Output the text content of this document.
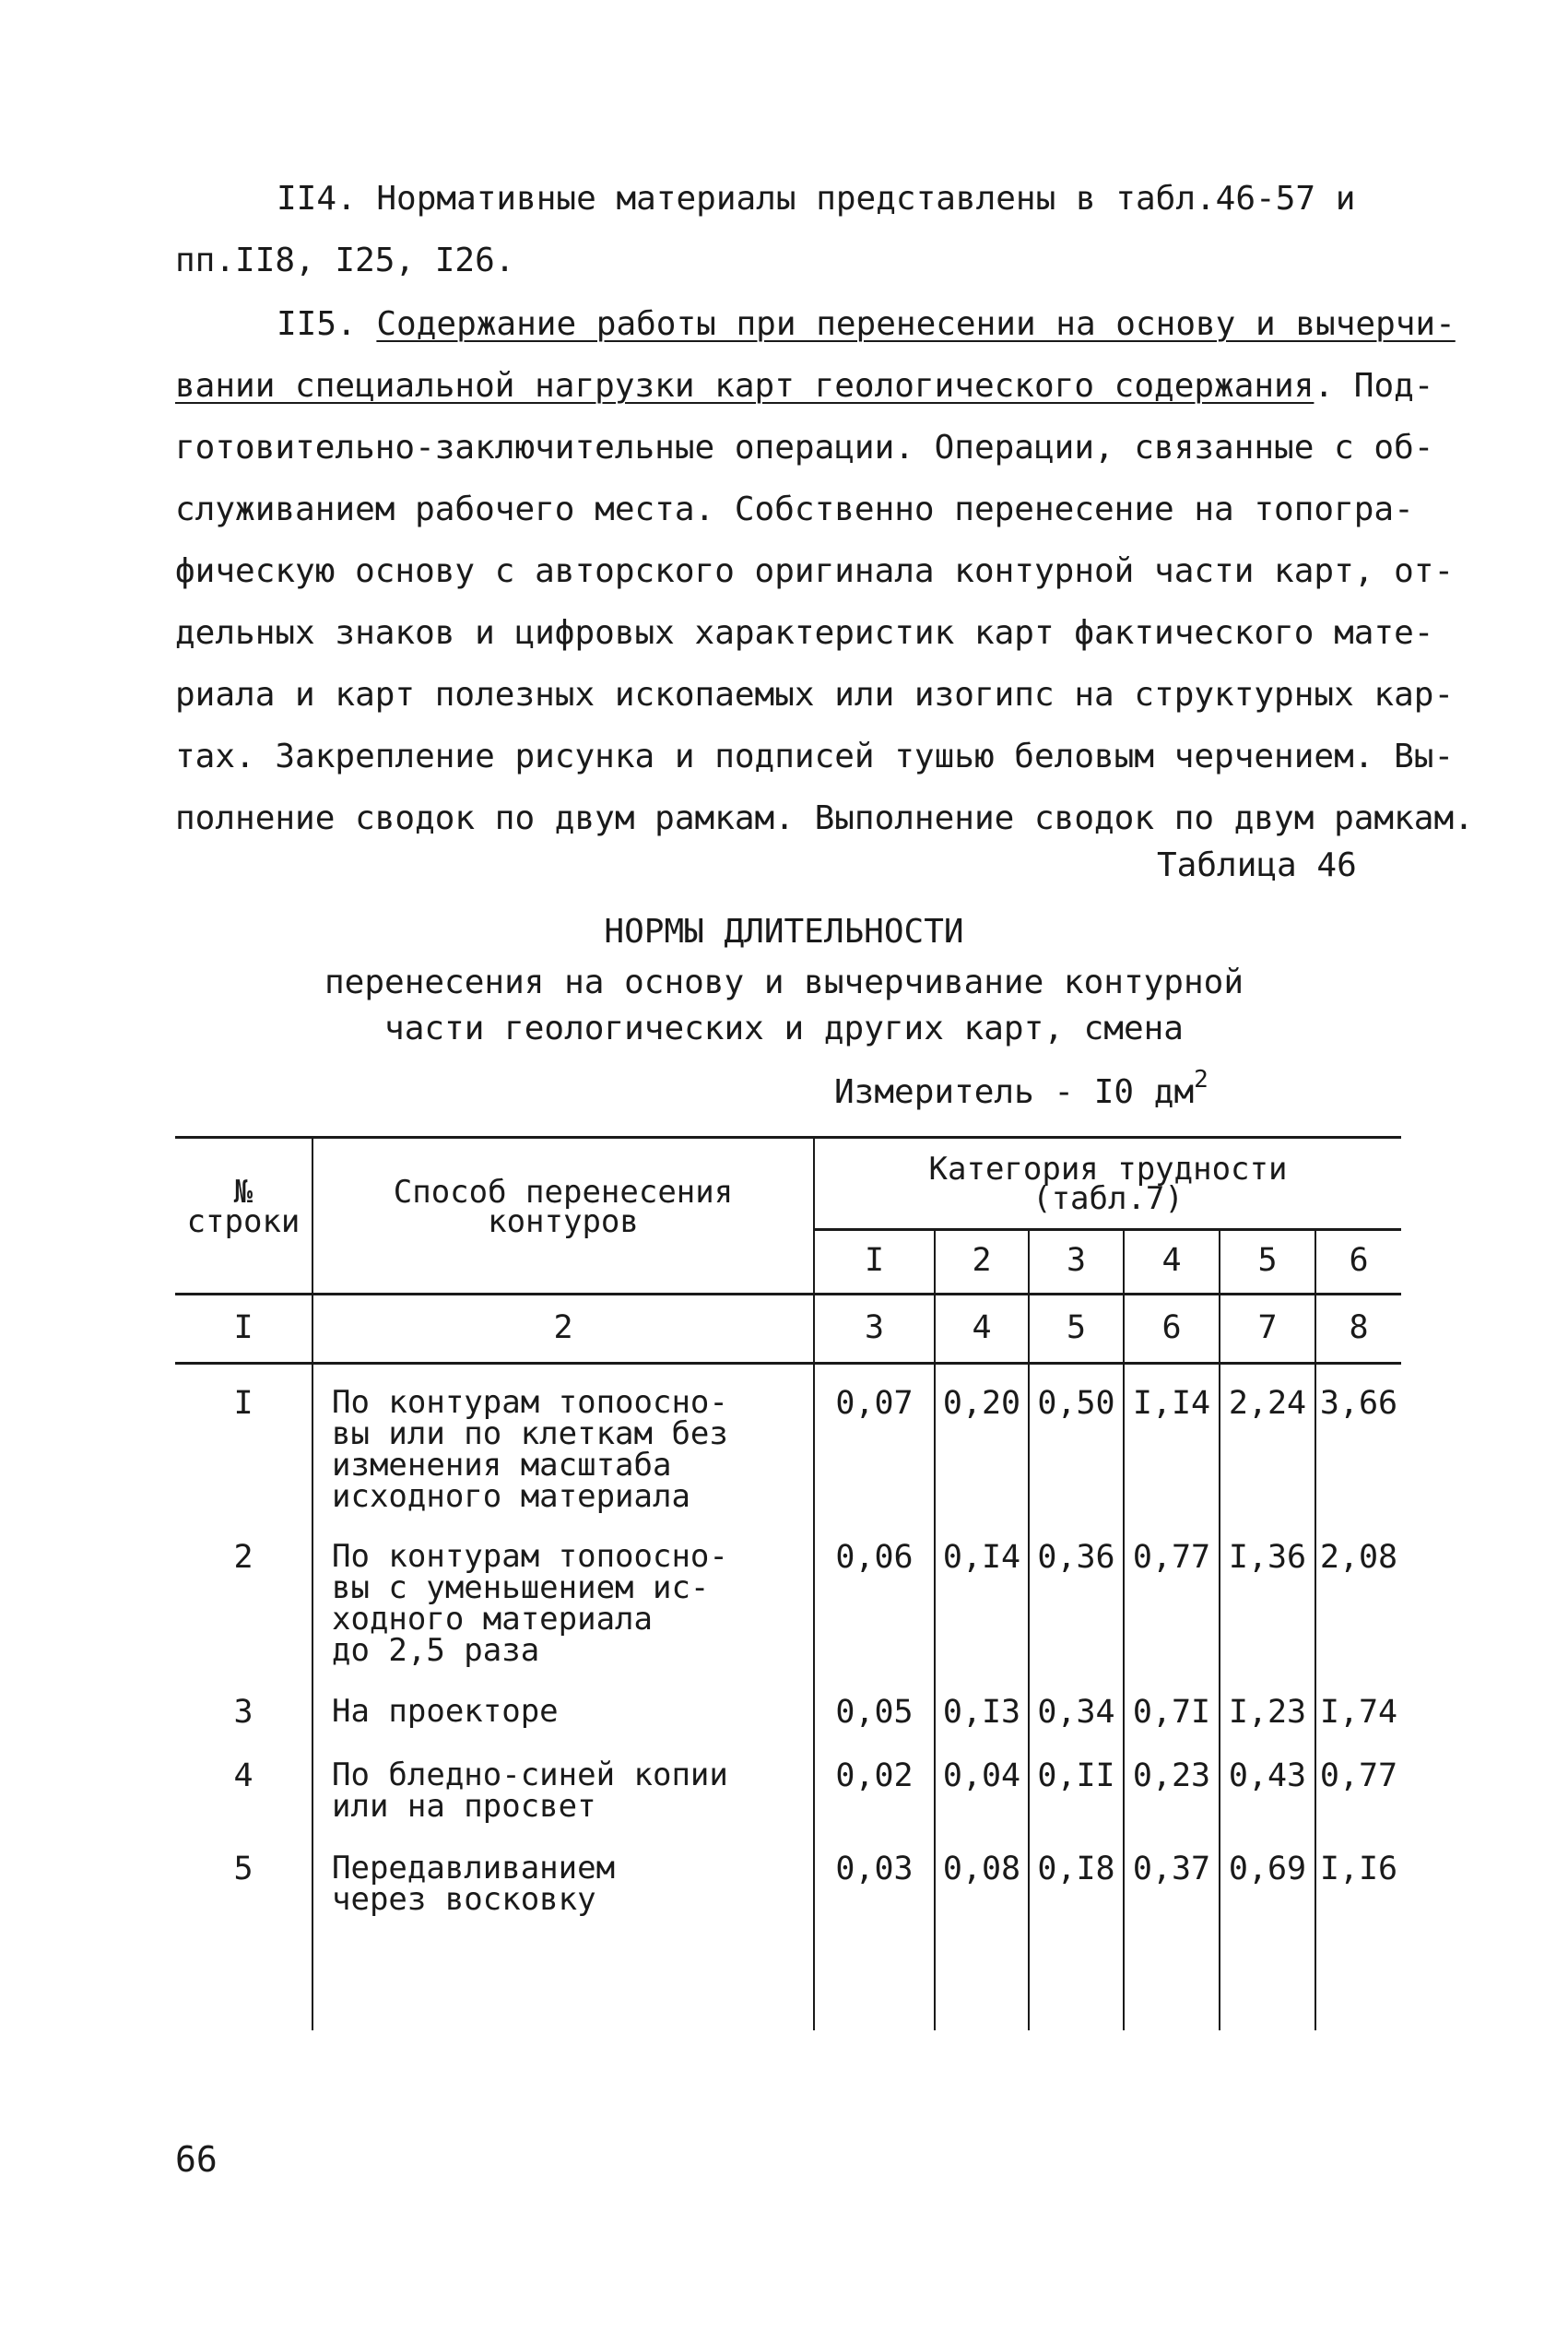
II4. Нормативные материалы представлены в табл.46-57 и
пп.II8, I25, I26.
II5. Содержание работы при перенесении на основу и вычерчи-
вании специальной нагрузки карт геологического содержания. Под-
готовительно-заключительные операции. Операции, связанные с об-
служиванием рабочего места. Собственно перенесение на топогра-
фическую основу с авторского оригинала контурной части карт, от-
дельных знаков и цифровых характеристик карт фактического мате-
риала и карт полезных ископаемых или изогипс на структурных кар-
тах. Закрепление рисунка и подписей тушью беловым черчением. Вы-
полнение сводок по двум рамкам. Выполнение сводок по двум рамкам.
Таблица 46
НОРМЫ ДЛИТЕЛЬНОСТИ
перенесения на основу и вычерчивание контурной
части геологических и других карт, смена
Измеритель - I0 $дм^2$
№
строки
Способ перенесения
контуров
Категория трудности
(табл.7)
I	2	3	4	5	6
I	2	3	4	5	6	7	8
I	По контурам топоосно-
вы или по клеткам без
изменения масштаба
исходного материала
0,07 0,20 0,50 I,I4 2,24 3,66
2	По контурам топоосно-
вы с уменьшением ис-
ходного материала
до 2,5 раза
0,06 0,I4 0,36 0,77 I,36 2,08
3	На проекторе	0,05 0,I3 0,34 0,7I I,23 I,74
4	По бледно-синей копии
или на просвет
0,02 0,04 0,II 0,23 0,43 0,77
5	Передавливанием
через восковку
0,03 0,08 0,I8 0,37 0,69 I,I6
66
